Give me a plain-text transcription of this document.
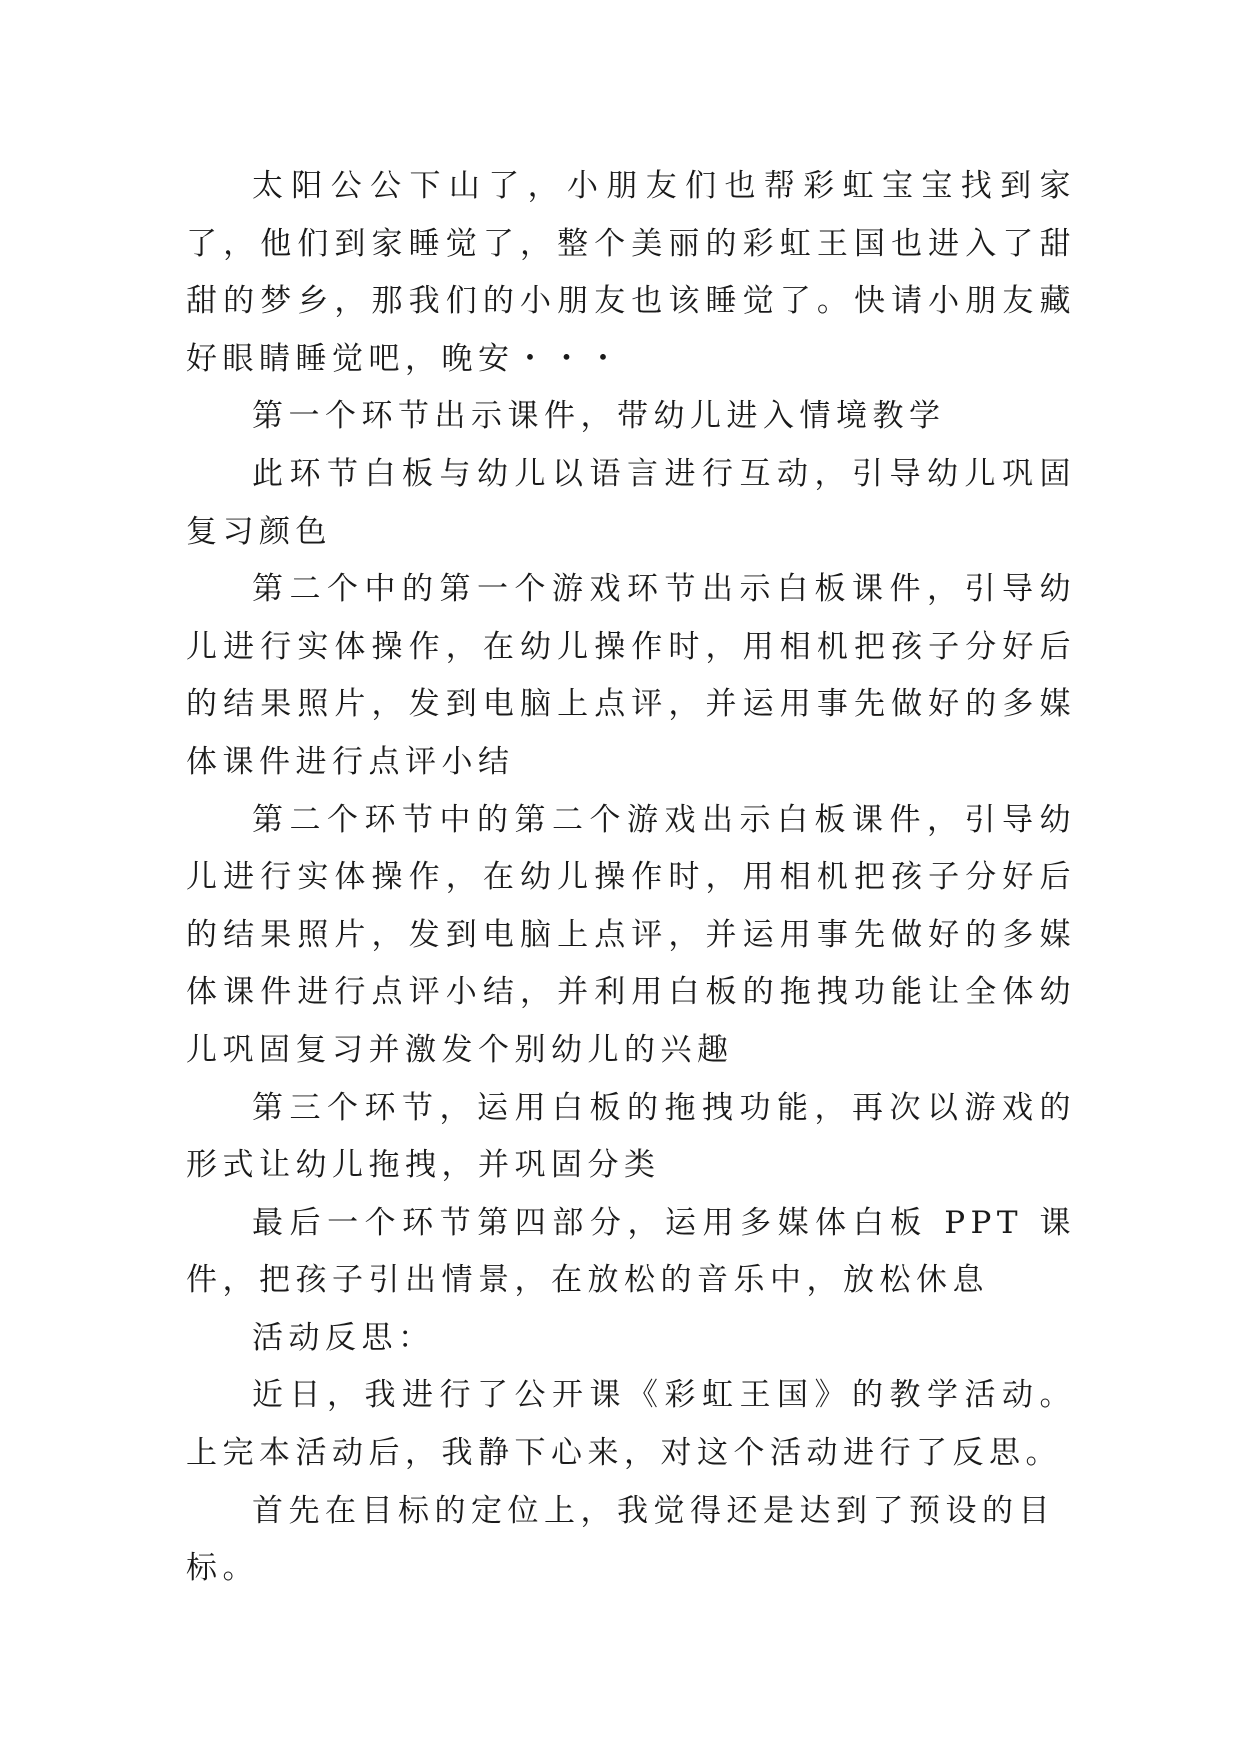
太阳公公下山了，小朋友们也帮彩虹宝宝找到家了，他们到家睡觉了，整个美丽的彩虹王国也进入了甜甜的梦乡，那我们的小朋友也该睡觉了。快请小朋友藏好眼睛睡觉吧，晚安・・・

第一个环节出示课件，带幼儿进入情境教学

此环节白板与幼儿以语言进行互动，引导幼儿巩固复习颜色

第二个中的第一个游戏环节出示白板课件，引导幼儿进行实体操作，在幼儿操作时，用相机把孩子分好后的结果照片，发到电脑上点评，并运用事先做好的多媒体课件进行点评小结

第二个环节中的第二个游戏出示白板课件，引导幼儿进行实体操作，在幼儿操作时，用相机把孩子分好后的结果照片，发到电脑上点评，并运用事先做好的多媒体课件进行点评小结，并利用白板的拖拽功能让全体幼儿巩固复习并激发个别幼儿的兴趣

第三个环节，运用白板的拖拽功能，再次以游戏的形式让幼儿拖拽，并巩固分类

最后一个环节第四部分，运用多媒体白板 PPT 课件，把孩子引出情景，在放松的音乐中，放松休息

活动反思：

近日，我进行了公开课《彩虹王国》的教学活动。上完本活动后，我静下心来，对这个活动进行了反思。

首先在目标的定位上，我觉得还是达到了预设的目标。
